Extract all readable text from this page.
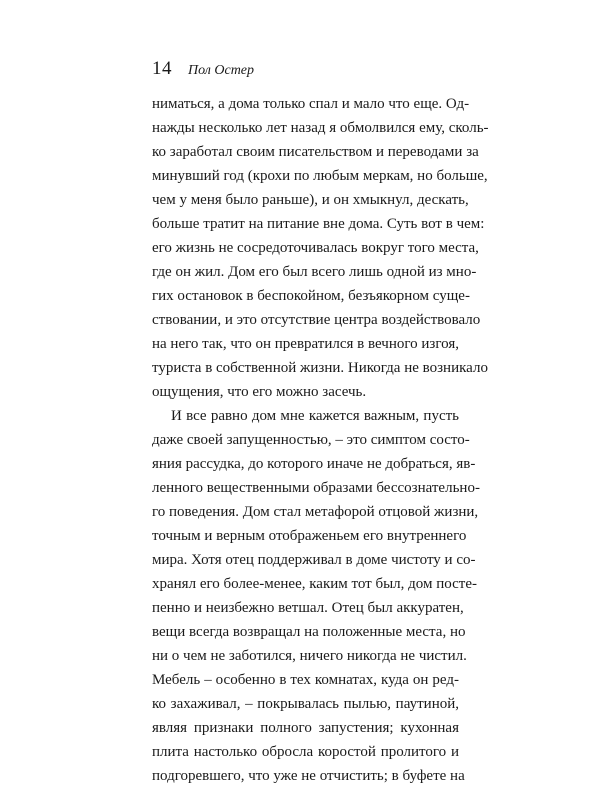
14 Пол Остер
ниматься, а дома только спал и мало что еще. Од-
нажды несколько лет назад я обмолвился ему, сколь-
ко заработал своим писательством и переводами за
минувший год (крохи по любым меркам, но больше,
чем у меня было раньше), и он хмыкнул, дескать,
больше тратит на питание вне дома. Суть вот в чем:
его жизнь не сосредоточивалась вокруг того места,
где он жил. Дом его был всего лишь одной из мно-
гих остановок в беспокойном, безъякорном суще-
ствовании, и это отсутствие центра воздействовало
на него так, что он превратился в вечного изгоя,
туриста в собственной жизни. Никогда не возникало
ощущения, что его можно засечь.
И все равно дом мне кажется важным, пусть
даже своей запущенностью, – это симптом состо-
яния рассудка, до которого иначе не добраться, яв-
ленного вещественными образами бессознательно-
го поведения. Дом стал метафорой отцовой жизни,
точным и верным отображеньем его внутреннего
мира. Хотя отец поддерживал в доме чистоту и со-
хранял его более-менее, каким тот был, дом посте-
пенно и неизбежно ветшал. Отец был аккуратен,
вещи всегда возвращал на положенные места, но
ни о чем не заботился, ничего никогда не чистил.
Мебель – особенно в тех комнатах, куда он ред-
ко захаживал, – покрывалась пылью, паутиной,
являя признаки полного запустения; кухонная
плита настолько обросла коростой пролитого и
подгоревшего, что уже не отчистить; в буфете на
